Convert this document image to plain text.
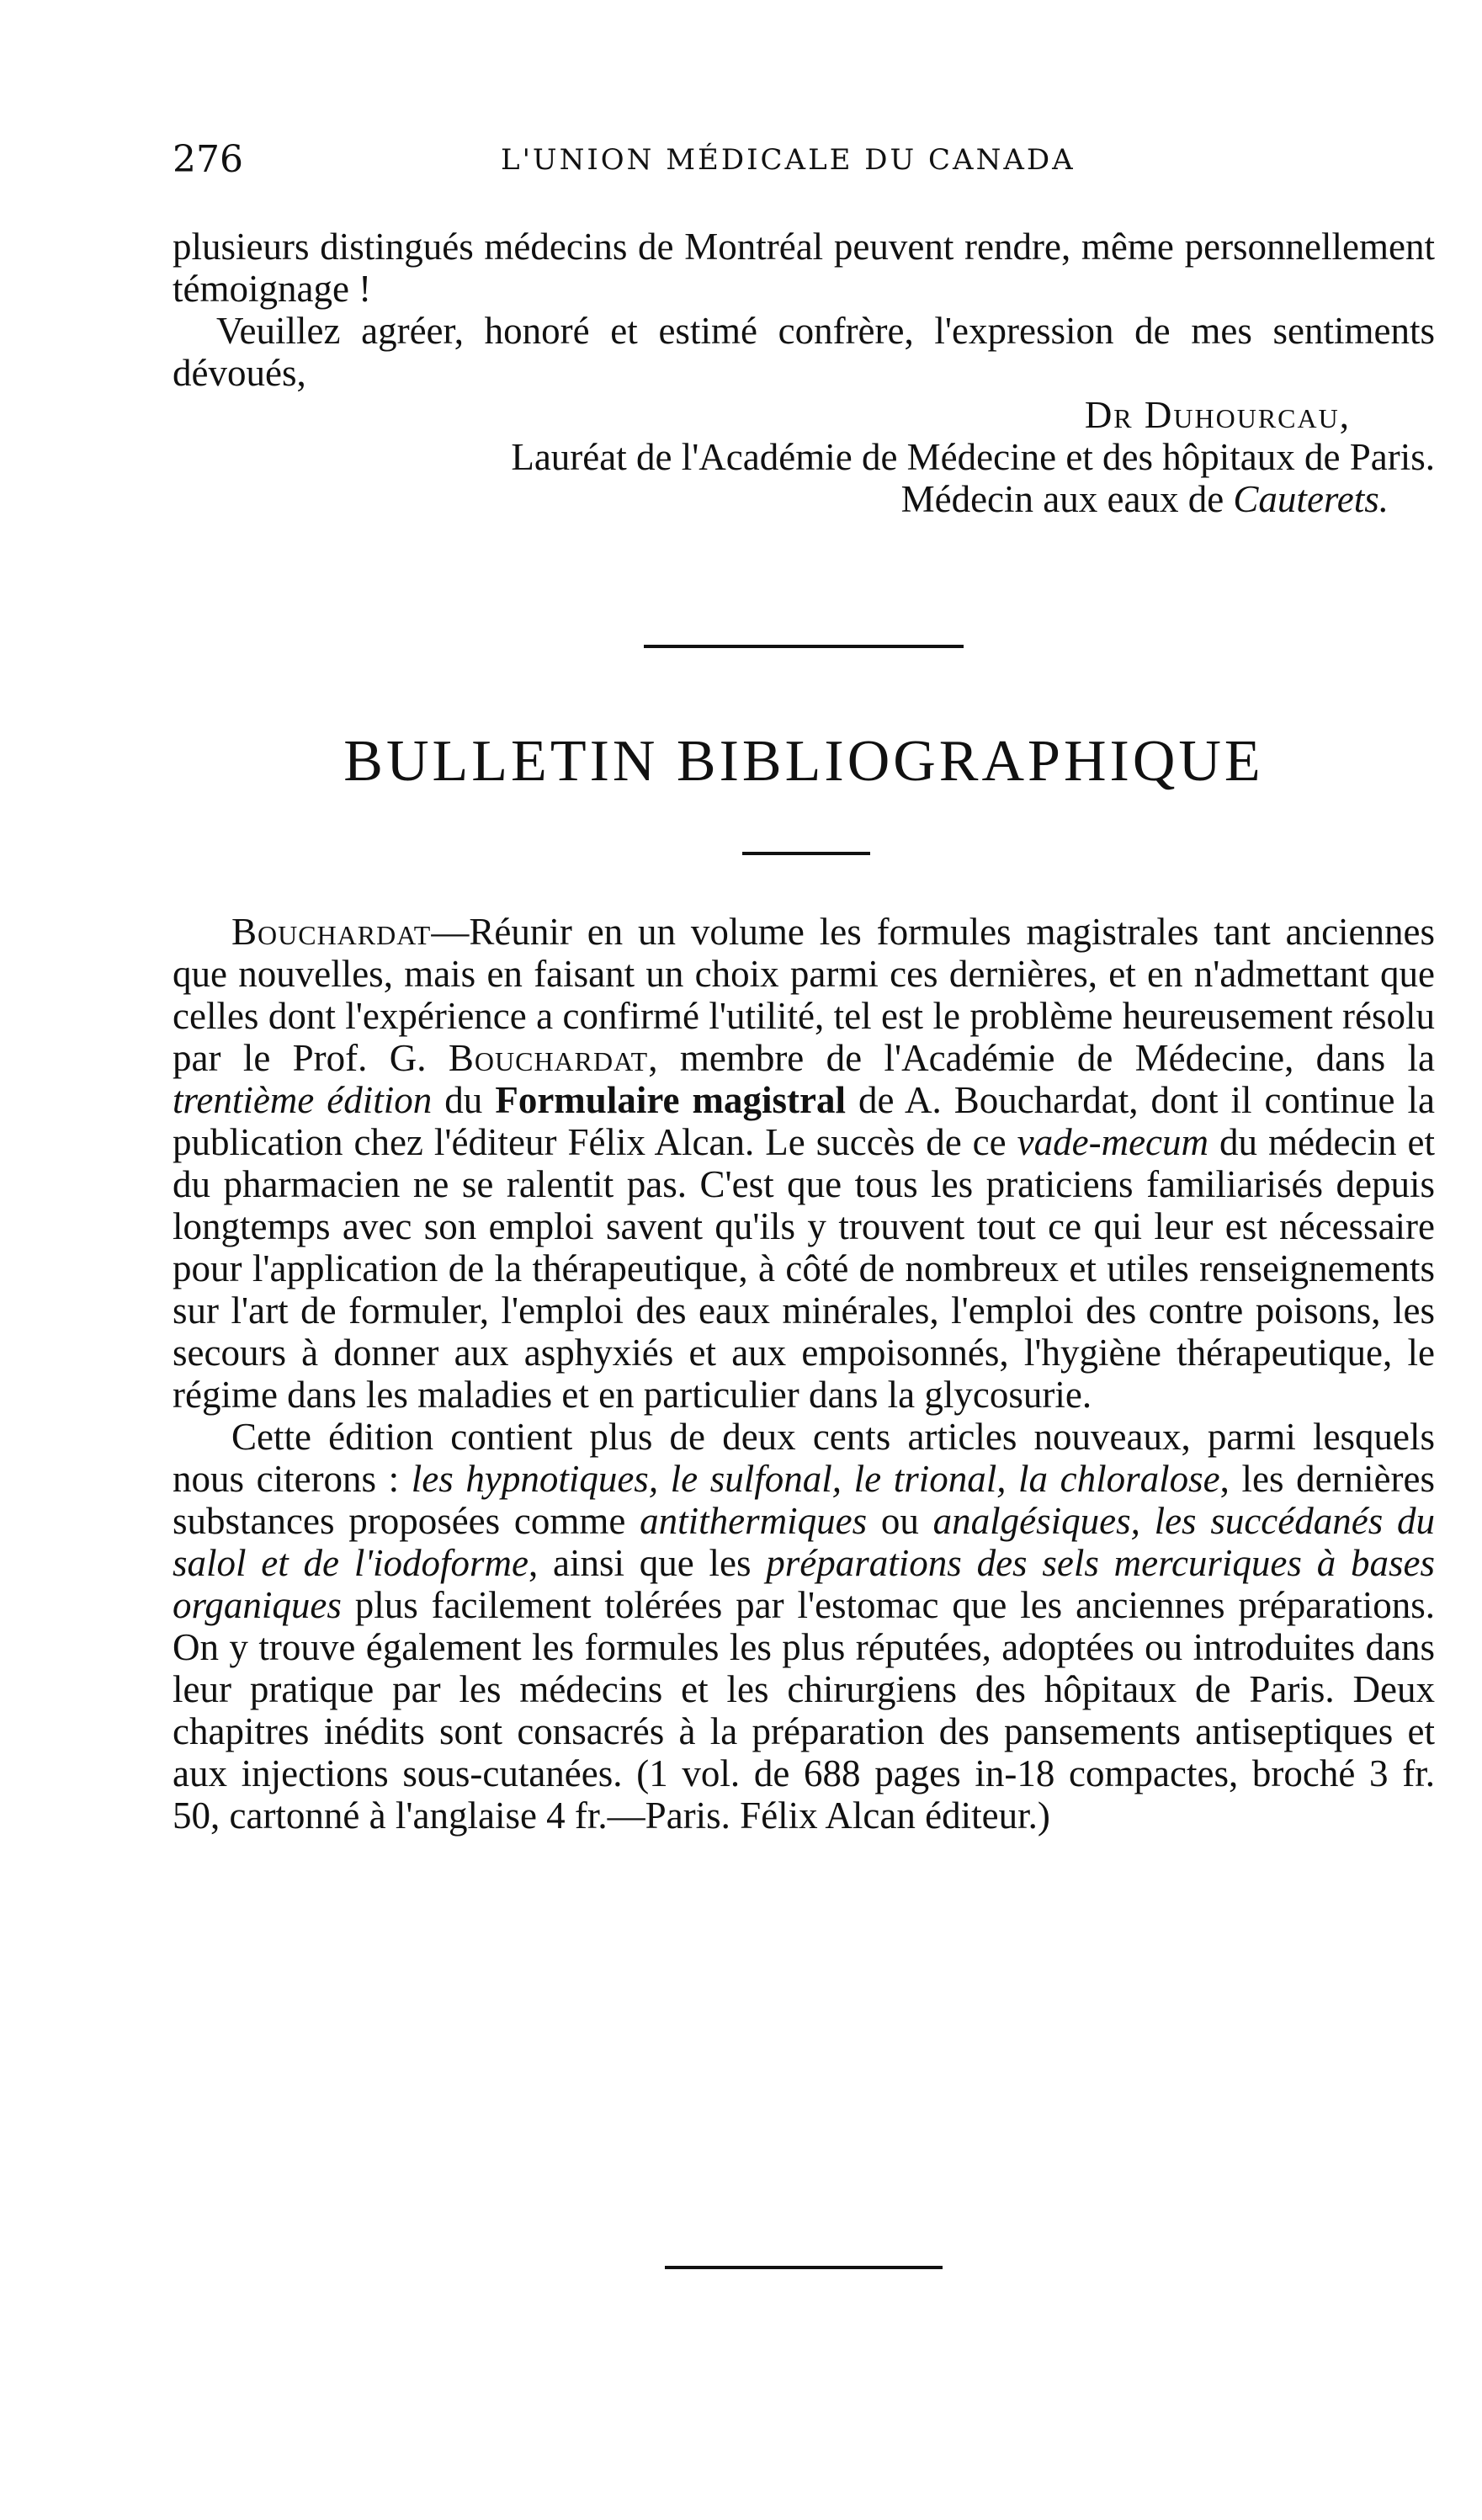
276	L'UNION MÉDICALE DU CANADA

plusieurs distingués médecins de Montréal peuvent rendre, même personnellement témoignage !

Veuillez agréer, honoré et estimé confrère, l'expression de mes sentiments dévoués,

Dr Duhourcau,

Lauréat de l'Académie de Médecine et des hôpitaux de Paris.

Médecin aux eaux de Cauterets.

BULLETIN BIBLIOGRAPHIQUE

Bouchardat—Réunir en un volume les formules magistrales tant anciennes que nouvelles, mais en faisant un choix parmi ces dernières, et en n'admettant que celles dont l'expérience a confirmé l'utilité, tel est le problème heureusement résolu par le Prof. G. Bouchardat, membre de l'Académie de Médecine, dans la trentième édition du Formulaire magistral de A. Bouchardat, dont il continue la publication chez l'éditeur Félix Alcan. Le succès de ce vade-mecum du médecin et du pharmacien ne se ralentit pas. C'est que tous les praticiens familiarisés depuis longtemps avec son emploi savent qu'ils y trouvent tout ce qui leur est nécessaire pour l'application de la thérapeutique, à côté de nombreux et utiles renseignements sur l'art de formuler, l'emploi des eaux minérales, l'emploi des contre poisons, les secours à donner aux asphyxiés et aux empoisonnés, l'hygiène thérapeutique, le régime dans les maladies et en particulier dans la glycosurie.

Cette édition contient plus de deux cents articles nouveaux, parmi lesquels nous citerons : les hypnotiques, le sulfonal, le trional, la chloralose, les dernières substances proposées comme antithermiques ou analgésiques, les succédanés du salol et de l'iodoforme, ainsi que les préparations des sels mercuriques à bases organiques plus facilement tolérées par l'estomac que les anciennes préparations. On y trouve également les formules les plus réputées, adoptées ou introduites dans leur pratique par les médecins et les chirurgiens des hôpitaux de Paris. Deux chapitres inédits sont consacrés à la préparation des pansements antiseptiques et aux injections sous-cutanées. (1 vol. de 688 pages in-18 compactes, broché 3 fr. 50, cartonné à l'anglaise 4 fr.—Paris. Félix Alcan éditeur.)
